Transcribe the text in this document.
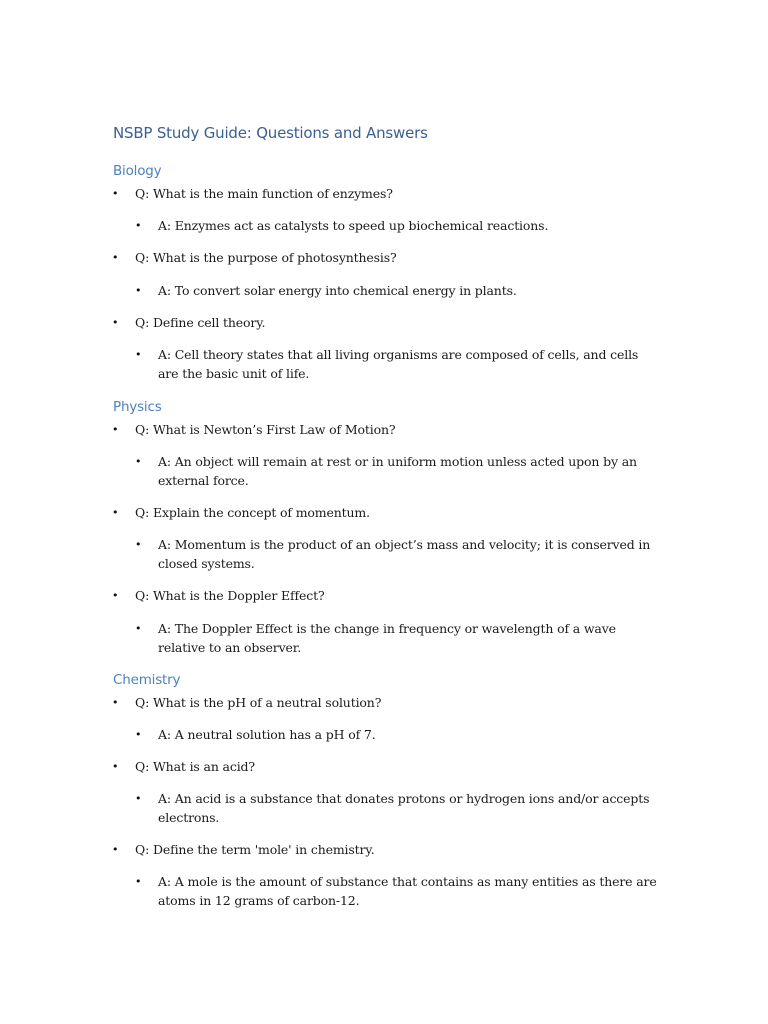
NSBP Study Guide: Questions and Answers
Biology
• Q: What is the main function of enzymes?
• A: Enzymes act as catalysts to speed up biochemical reactions.
• Q: What is the purpose of photosynthesis?
• A: To convert solar energy into chemical energy in plants.
• Q: Define cell theory.
• A: Cell theory states that all living organisms are composed of cells, and cells are the basic unit of life.
Physics
• Q: What is Newton’s First Law of Motion?
• A: An object will remain at rest or in uniform motion unless acted upon by an external force.
• Q: Explain the concept of momentum.
• A: Momentum is the product of an object’s mass and velocity; it is conserved in closed systems.
• Q: What is the Doppler Effect?
• A: The Doppler Effect is the change in frequency or wavelength of a wave relative to an observer.
Chemistry
• Q: What is the pH of a neutral solution?
• A: A neutral solution has a pH of 7.
• Q: What is an acid?
• A: An acid is a substance that donates protons or hydrogen ions and/or accepts electrons.
• Q: Define the term 'mole' in chemistry.
• A: A mole is the amount of substance that contains as many entities as there are atoms in 12 grams of carbon-12.
